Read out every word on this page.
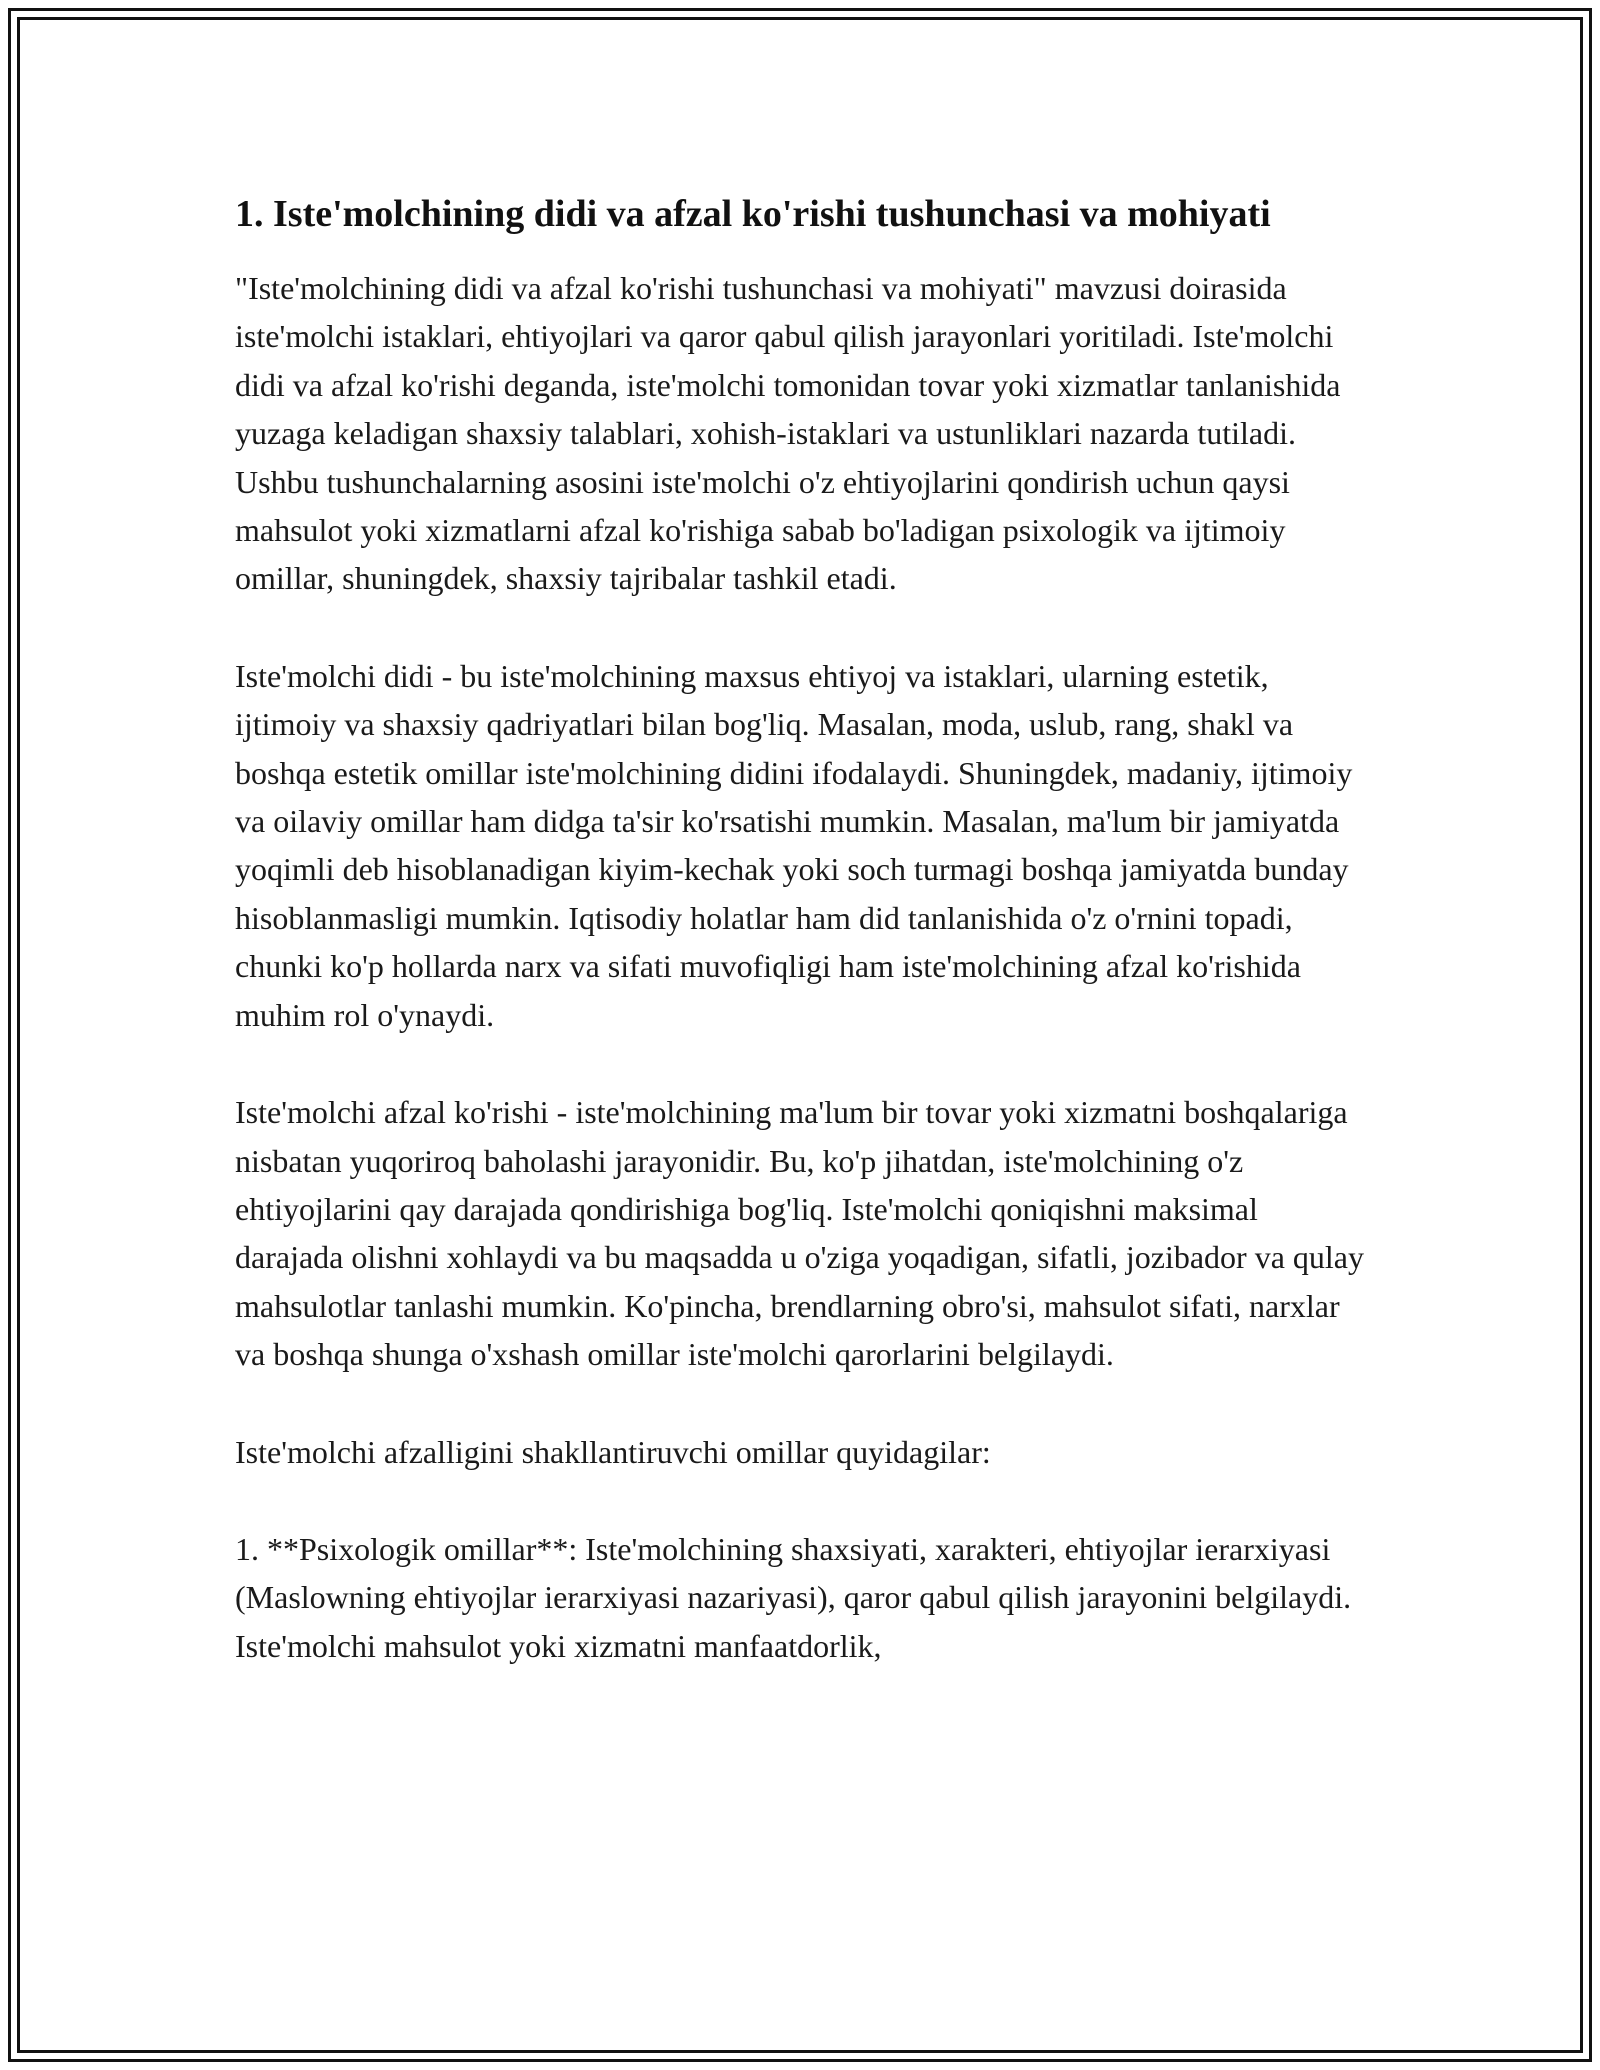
1. Iste'molchining didi va afzal ko'rishi tushunchasi va mohiyati

"Iste'molchining didi va afzal ko'rishi tushunchasi va mohiyati" mavzusi doirasida iste'molchi istaklari, ehtiyojlari va qaror qabul qilish jarayonlari yoritiladi. Iste'molchi didi va afzal ko'rishi deganda, iste'molchi tomonidan tovar yoki xizmatlar tanlanishida yuzaga keladigan shaxsiy talablari, xohish-istaklari va ustunliklari nazarda tutiladi. Ushbu tushunchalarning asosini iste'molchi o'z ehtiyojlarini qondirish uchun qaysi mahsulot yoki xizmatlarni afzal ko'rishiga sabab bo'ladigan psixologik va ijtimoiy omillar, shuningdek, shaxsiy tajribalar tashkil etadi.

Iste'molchi didi - bu iste'molchining maxsus ehtiyoj va istaklari, ularning estetik, ijtimoiy va shaxsiy qadriyatlari bilan bog'liq. Masalan, moda, uslub, rang, shakl va boshqa estetik omillar iste'molchining didini ifodalaydi. Shuningdek, madaniy, ijtimoiy va oilaviy omillar ham didga ta'sir ko'rsatishi mumkin. Masalan, ma'lum bir jamiyatda yoqimli deb hisoblanadigan kiyim-kechak yoki soch turmagi boshqa jamiyatda bunday hisoblanmasligi mumkin. Iqtisodiy holatlar ham did tanlanishida o'z o'rnini topadi, chunki ko'p hollarda narx va sifati muvofiqligi ham iste'molchining afzal ko'rishida muhim rol o'ynaydi.

Iste'molchi afzal ko'rishi - iste'molchining ma'lum bir tovar yoki xizmatni boshqalariga nisbatan yuqoriroq baholashi jarayonidir. Bu, ko'p jihatdan, iste'molchining o'z ehtiyojlarini qay darajada qondirishiga bog'liq. Iste'molchi qoniqishni maksimal darajada olishni xohlaydi va bu maqsadda u o'ziga yoqadigan, sifatli, jozibador va qulay mahsulotlar tanlashi mumkin. Ko'pincha, brendlarning obro'si, mahsulot sifati, narxlar va boshqa shunga o'xshash omillar iste'molchi qarorlarini belgilaydi.

Iste'molchi afzalligini shakllantiruvchi omillar quyidagilar:

1. **Psixologik omillar**: Iste'molchining shaxsiyati, xarakteri, ehtiyojlar ierarxiyasi (Maslowning ehtiyojlar ierarxiyasi nazariyasi), qaror qabul qilish jarayonini belgilaydi. Iste'molchi mahsulot yoki xizmatni manfaatdorlik,
